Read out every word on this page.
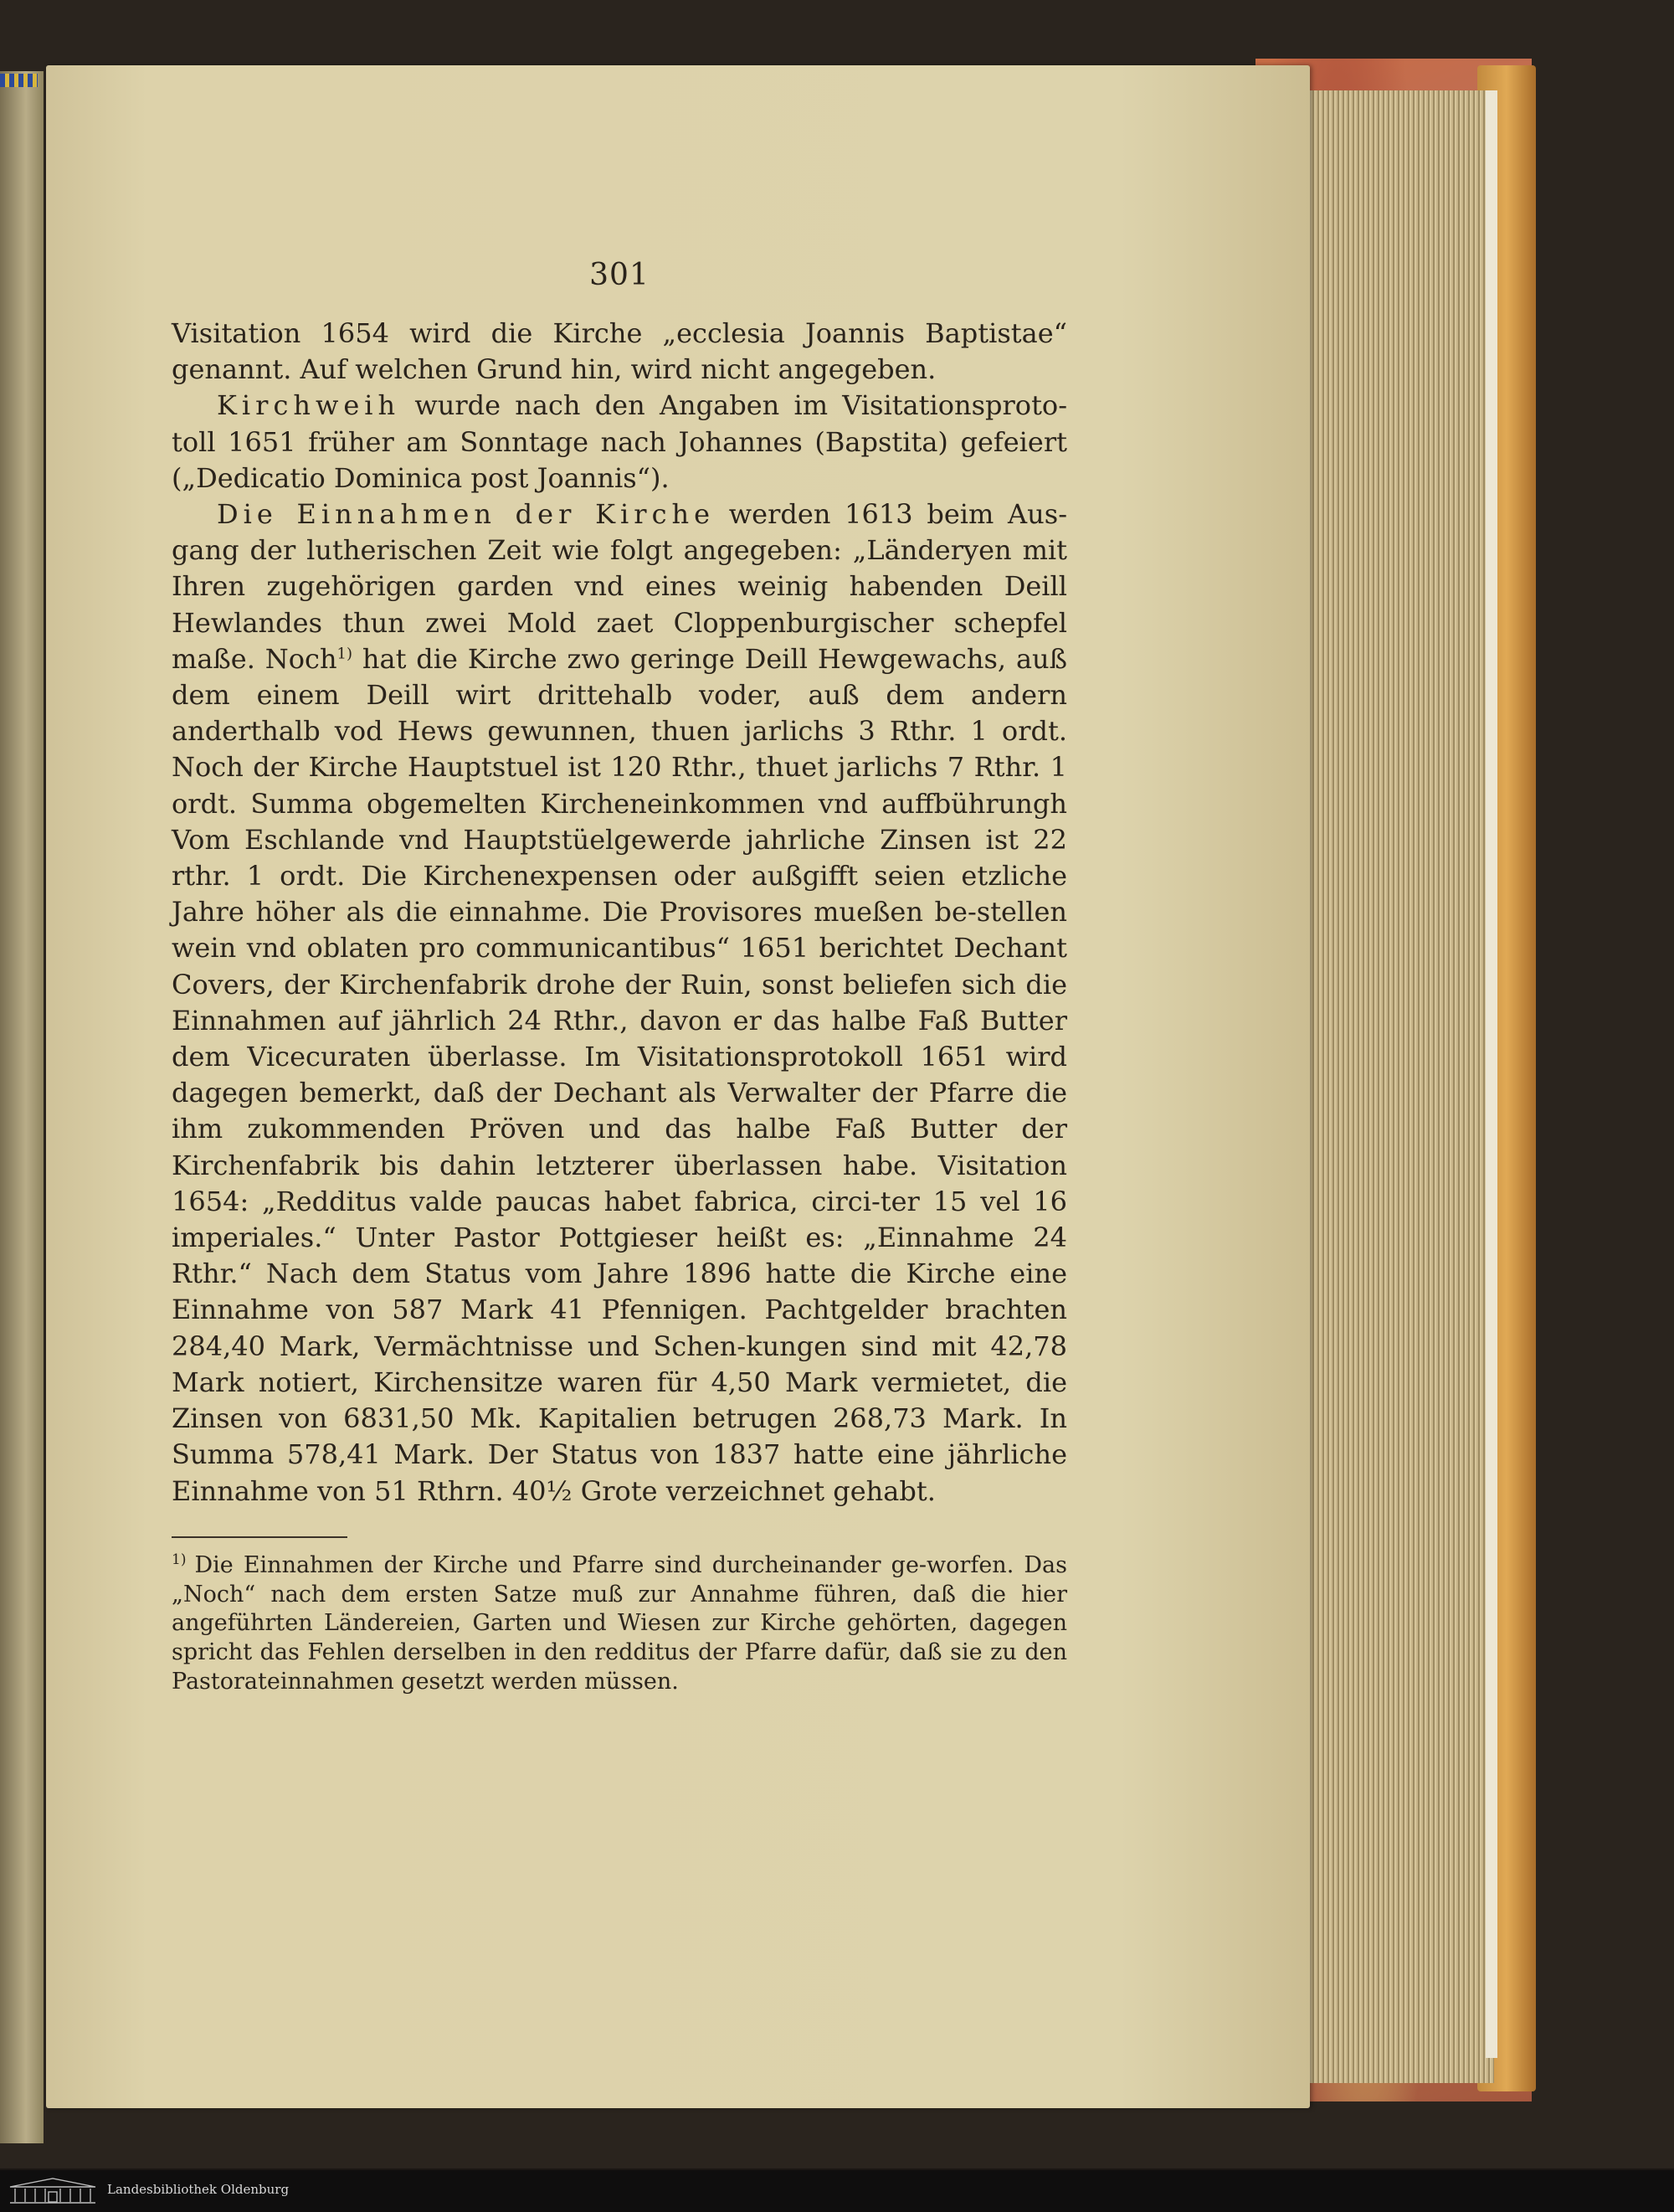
301

Visitation 1654 wird die Kirche „ecclesia Joannis Baptistae“ genannt. Auf welchen Grund hin, wird nicht angegeben.
Kirchweih wurde nach den Angaben im Visitationsproto-toll 1651 früher am Sonntage nach Johannes (Bapstita) gefeiert („Dedicatio Dominica post Joannis“).
Die Einnahmen der Kirche werden 1613 beim Aus-gang der lutherischen Zeit wie folgt angegeben: „Länderyen mit Ihren zugehörigen garden vnd eines weinig habenden Deill Hewlandes thun zwei Mold zaet Cloppenburgischer schepfel maße. Noch$^{1)}$ hat die Kirche zwo geringe Deill Hewgewachs, auß dem einem Deill wirt drittehalb voder, auß dem andern anderthalb vod Hews gewunnen, thuen jarlichs 3 Rthr. 1 ordt. Noch der Kirche Hauptstuel ist 120 Rthr., thuet jarlichs 7 Rthr. 1 ordt. Summa obgemelten Kircheneinkommen vnd auffbührungh Vom Eschlande vnd Hauptstüelgewerde jahrliche Zinsen ist 22 rthr. 1 ordt. Die Kirchenexpensen oder außgifft seien etzliche Jahre höher als die einnahme. Die Provisores mueßen be-stellen wein vnd oblaten pro communicantibus“ 1651 berichtet Dechant Covers, der Kirchenfabrik drohe der Ruin, sonst beliefen sich die Einnahmen auf jährlich 24 Rthr., davon er das halbe Faß Butter dem Vicecuraten überlasse. Im Visitationsprotokoll 1651 wird dagegen bemerkt, daß der Dechant als Verwalter der Pfarre die ihm zukommenden Pröven und das halbe Faß Butter der Kirchenfabrik bis dahin letzterer überlassen habe. Visitation 1654: „Redditus valde paucas habet fabrica, circi-ter 15 vel 16 imperiales.“ Unter Pastor Pottgieser heißt es: „Einnahme 24 Rthr.“ Nach dem Status vom Jahre 1896 hatte die Kirche eine Einnahme von 587 Mark 41 Pfennigen. Pachtgelder brachten 284,40 Mark, Vermächtnisse und Schen-kungen sind mit 42,78 Mark notiert, Kirchensitze waren für 4,50 Mark vermietet, die Zinsen von 6831,50 Mk. Kapitalien betrugen 268,73 Mark. In Summa 578,41 Mark. Der Status von 1837 hatte eine jährliche Einnahme von 51 Rthrn. 40½ Grote verzeichnet gehabt.

$^{1)}$ Die Einnahmen der Kirche und Pfarre sind durcheinander ge-worfen. Das „Noch“ nach dem ersten Satze muß zur Annahme führen, daß die hier angeführten Ländereien, Garten und Wiesen zur Kirche gehörten, dagegen spricht das Fehlen derselben in den redditus der Pfarre dafür, daß sie zu den Pastorateinnahmen gesetzt werden müssen.

Landesbibliothek Oldenburg
